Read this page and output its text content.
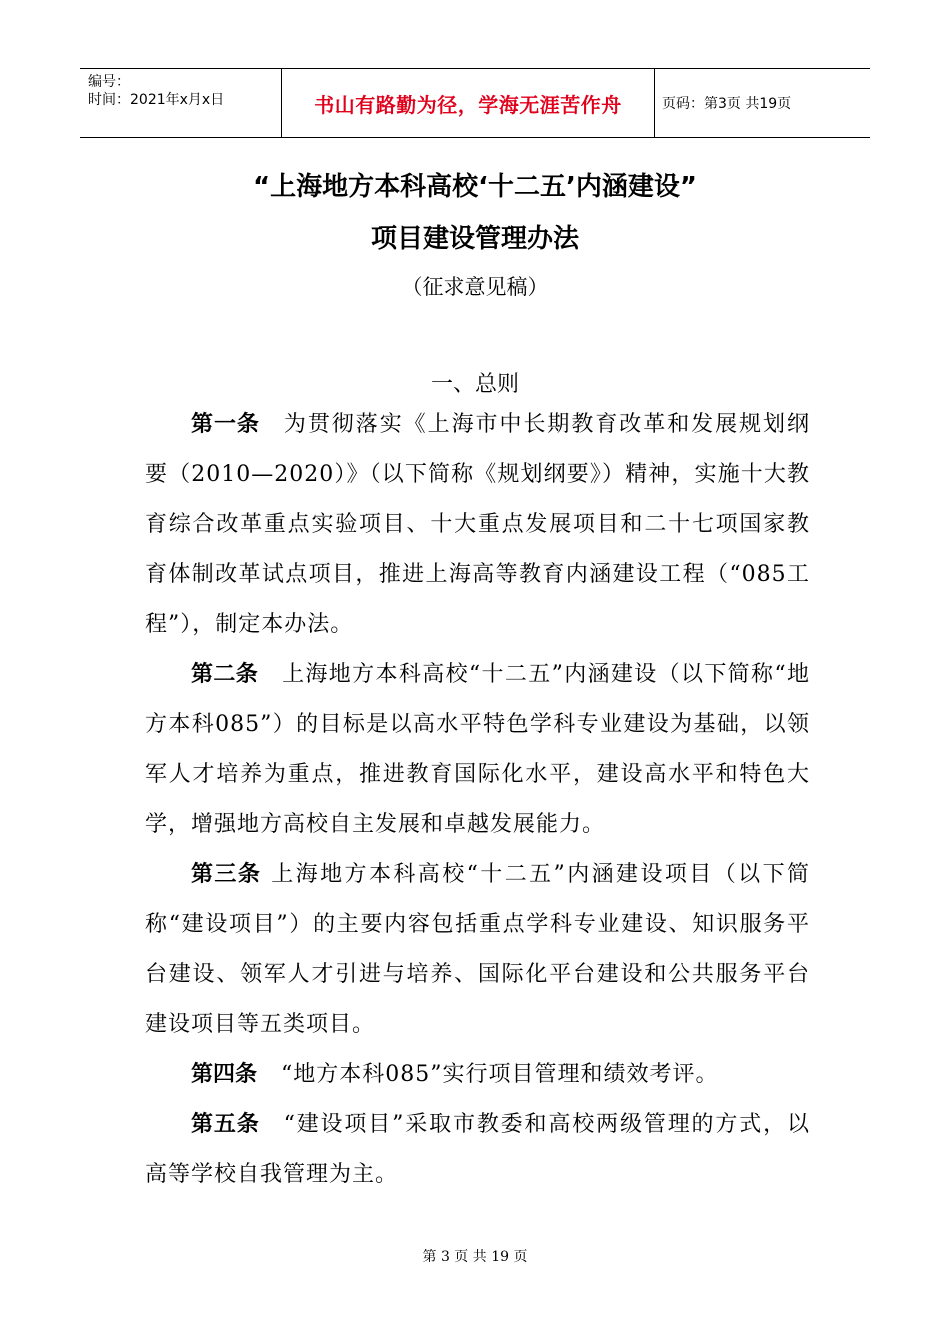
编号：
时间：2021年x月x日	书山有路勤为径，学海无涯苦作舟	页码：第3页 共19页
“上海地方本科高校‘十二五’内涵建设”
项目建设管理办法
（征求意见稿）
一、总则

第一条 为贯彻落实《上海市中长期教育改革和发展规划纲要（2010—2020）》（以下简称《规划纲要》）精神，实施十大教育综合改革重点实验项目、十大重点发展项目和二十七项国家教育体制改革试点项目，推进上海高等教育内涵建设工程（“085工程”），制定本办法。

第二条 上海地方本科高校“十二五”内涵建设（以下简称“地方本科085”）的目标是以高水平特色学科专业建设为基础，以领军人才培养为重点，推进教育国际化水平，建设高水平和特色大学，增强地方高校自主发展和卓越发展能力。

第三条 上海地方本科高校“十二五”内涵建设项目（以下简称“建设项目”）的主要内容包括重点学科专业建设、知识服务平台建设、领军人才引进与培养、国际化平台建设和公共服务平台建设项目等五类项目。

第四条 “地方本科085”实行项目管理和绩效考评。

第五条 “建设项目”采取市教委和高校两级管理的方式，以高等学校自我管理为主。

第 3 页 共 19 页
